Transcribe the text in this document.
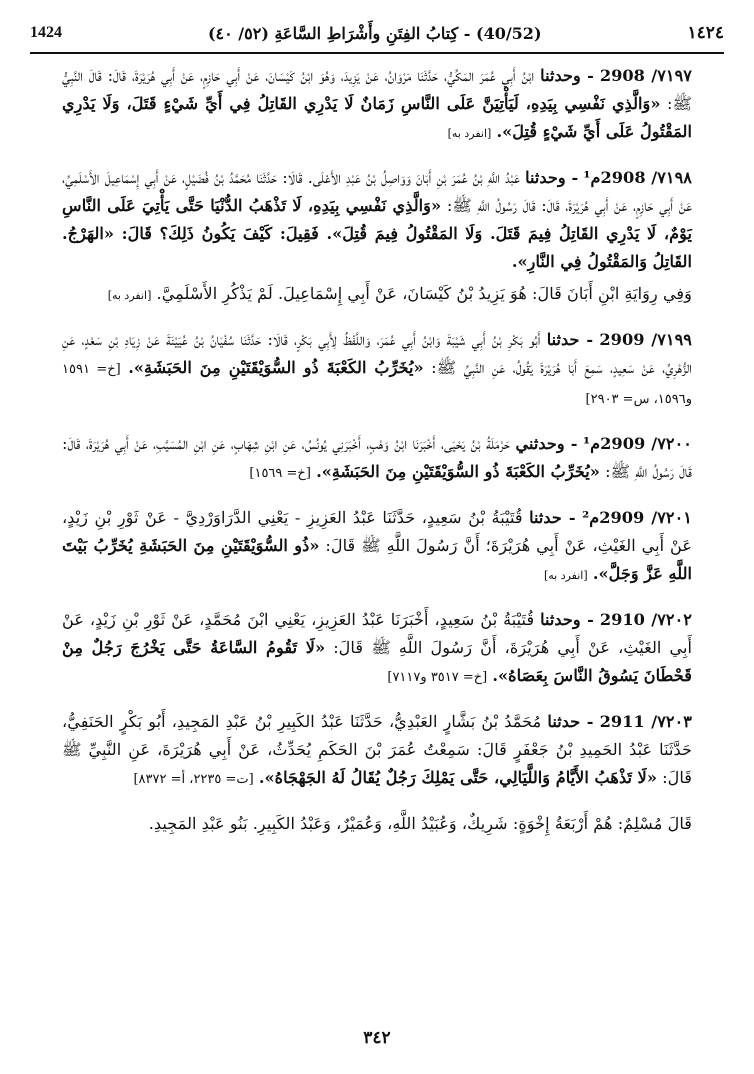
1424	(40/52) - كِتابُ الفِتَنِ وأَشْرَاطِ السَّاعَةِ (٥٢/ ٤٠)	١٤٢٤

٧١٩٧/ 2908 - وحدثنا ابْنُ أَبِي عُمَرَ المَكِّيُّ، حَدَّثَنَا مَرْوَانُ، عَنْ يَزِيدَ، وَهُوَ ابْنُ كَيْسَانَ، عَنْ أَبِي حَازِمٍ، عَنْ أَبِي هُرَيْرَةَ، قَالَ: قَالَ النَّبِيُّ ﷺ: «وَالَّذِي نَفْسِي بِيَدِهِ، لَيَأْتِيَنَّ عَلَى النَّاسِ زَمَانٌ لَا يَدْرِي القَاتِلُ فِي أَيِّ شَيْءٍ قَتَلَ، وَلَا يَدْرِي المَقْتُولُ عَلَى أَيِّ شَيْءٍ قُتِلَ». [انفرد به]

٧١٩٨/ 2908م¹ - وحدثنا عَبْدُ اللَّهِ بْنُ عُمَرَ بْنِ أَبَانَ وَوَاصِلُ بْنُ عَبْدِ الأَعْلَى. قَالَا: حَدَّثَنَا مُحَمَّدُ بْنُ فُضَيْلٍ، عَنْ أَبِي إِسْمَاعِيلَ الأَسْلَمِيِّ، عَنْ أَبِي حَازِمٍ، عَنْ أَبِي هُرَيْرَةَ، قَالَ: قَالَ رَسُولُ اللَّهِ ﷺ: «وَالَّذِي نَفْسِي بِيَدِهِ، لَا تَذْهَبُ الدُّنْيَا حَتَّى يَأْتِيَ عَلَى النَّاسِ يَوْمٌ، لَا يَدْرِي القَاتِلُ فِيمَ قَتَلَ. وَلَا المَقْتُولُ فِيمَ قُتِلَ». فَقِيلَ: كَيْفَ يَكُونُ ذَلِكَ؟ قَالَ: «الهَرْجُ. القَاتِلُ وَالمَقْتُولُ فِي النَّارِ».

وَفِي رِوَايَةِ ابْنِ أَبَانَ قَالَ: هُوَ يَزِيدُ بْنُ كَيْسَانَ، عَنْ أَبِي إِسْمَاعِيلَ. لَمْ يَذْكُرِ الأَسْلَمِيَّ. [انفرد به]

٧١٩٩/ 2909 - حدثنا أَبُو بَكْرِ بْنُ أَبِي شَيْبَةَ وَابْنُ أَبِي عُمَرَ، وَاللَّفْظُ لِأَبِي بَكْرٍ، قَالَا: حَدَّثَنَا سُفْيَانُ بْنُ عُيَيْنَةَ عَنْ زِيَادِ بْنِ سَعْدٍ، عَنِ الزُّهْرِيِّ، عَنْ سَعِيدٍ، سَمِعَ أَبَا هُرَيْرَةَ يَقُولُ، عَنِ النَّبِيِّ ﷺ: «يُخَرِّبُ الكَعْبَةَ ذُو السُّوَيْقَتَيْنِ مِنَ الحَبَشَةِ». [خ= ١٥٩١ و١٥٩٦، س= ٢٩٠٣]

٧٢٠٠/ 2909م¹ - وحدثني حَرْمَلَةُ بْنُ يَحْيَى، أَخْبَرَنَا ابْنُ وَهْبٍ، أَخْبَرَنِي يُونُسُ، عَنِ ابْنِ شِهَابٍ، عَنِ ابْنِ المُسَيَّبِ، عَنْ أَبِي هُرَيْرَةَ، قَالَ: قَالَ رَسُولُ اللَّهِ ﷺ: «يُخَرِّبُ الكَعْبَةَ ذُو السُّوَيْقَتَيْنِ مِنَ الحَبَشَةِ». [خ= ١٥٦٩]

٧٢٠١/ 2909م² - حدثنا قُتَيْبَةُ بْنُ سَعِيدٍ، حَدَّثَنَا عَبْدُ العَزِيزِ - يَعْنِي الدَّرَاوَرْدِيَّ - عَنْ ثَوْرِ بْنِ زَيْدٍ، عَنْ أَبِي الغَيْثِ، عَنْ أَبِي هُرَيْرَةَ؛ أَنَّ رَسُولَ اللَّهِ ﷺ قَالَ: «ذُو السُّوَيْقَتَيْنِ مِنَ الحَبَشَةِ يُخَرِّبُ بَيْتَ اللَّهِ عَزَّ وَجَلَّ». [انفرد به]

٧٢٠٢/ 2910 - وحدثنا قُتَيْبَةُ بْنُ سَعِيدٍ، أَخْبَرَنَا عَبْدُ العَزِيزِ، يَعْنِي ابْنَ مُحَمَّدٍ، عَنْ ثَوْرِ بْنِ زَيْدٍ، عَنْ أَبِي الغَيْثِ، عَنْ أَبِي هُرَيْرَةَ، أَنَّ رَسُولَ اللَّهِ ﷺ قَالَ: «لَا تَقُومُ السَّاعَةُ حَتَّى يَخْرُجَ رَجُلٌ مِنْ قَحْطَانَ يَسُوقُ النَّاسَ بِعَصَاهُ». [خ= ٣٥١٧ و٧١١٧]

٧٢٠٣/ 2911 - حدثنا مُحَمَّدُ بْنُ بَشَّارٍ العَبْدِيُّ، حَدَّثَنَا عَبْدُ الكَبِيرِ بْنُ عَبْدِ المَجِيدِ، أَبُو بَكْرٍ الحَنَفِيُّ، حَدَّثَنَا عَبْدُ الحَمِيدِ بْنُ جَعْفَرٍ قَالَ: سَمِعْتُ عُمَرَ بْنَ الحَكَمِ يُحَدِّثُ، عَنْ أَبِي هُرَيْرَةَ، عَنِ النَّبِيِّ ﷺ قَالَ: «لَا تَذْهَبُ الأَيَّامُ وَاللَّيَالِي، حَتَّى يَمْلِكَ رَجُلٌ يُقَالُ لَهُ الجَهْجَاهُ». [ت= ٢٢٣٥، أ= ٨٣٧٢]

قَالَ مُسْلِمٌ: هُمْ أَرْبَعَةُ إِخْوَةٍ: شَرِيكٌ، وَعُبَيْدُ اللَّهِ، وَعُمَيْرٌ، وَعَبْدُ الكَبِيرِ. بَنُو عَبْدِ المَجِيدِ.

٣٤٢
